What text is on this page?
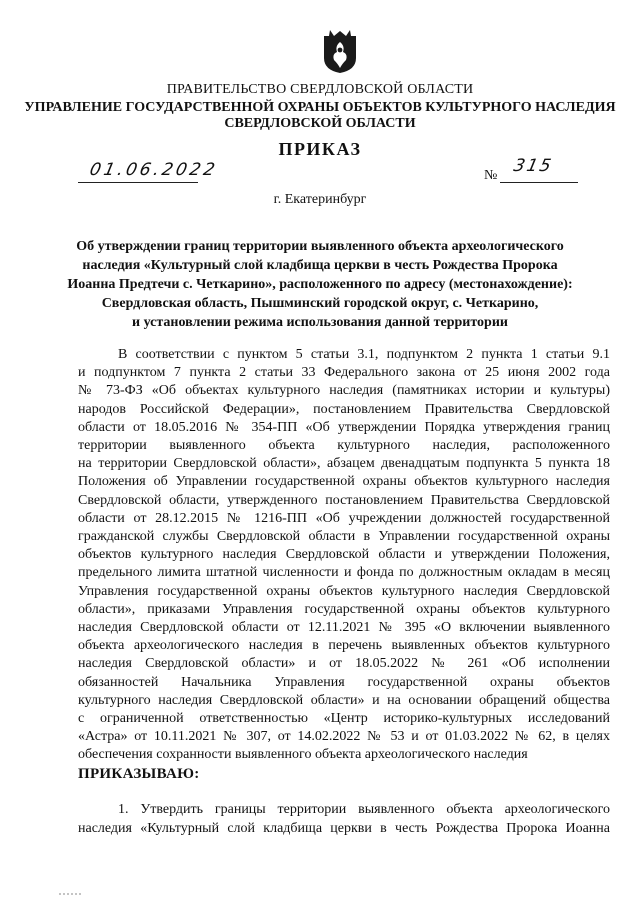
ПРАВИТЕЛЬСТВО СВЕРДЛОВСКОЙ ОБЛАСТИ
УПРАВЛЕНИЕ ГОСУДАРСТВЕННОЙ ОХРАНЫ ОБЪЕКТОВ КУЛЬТУРНОГО НАСЛЕДИЯ
СВЕРДЛОВСКОЙ ОБЛАСТИ
ПРИКАЗ
01.06.2022	№ 315
г. Екатеринбург
Об утверждении границ территории выявленного объекта археологического
наследия «Культурный слой кладбища церкви в честь Рождества Пророка
Иоанна Предтечи с. Четкарино», расположенного по адресу (местонахождение):
Свердловская область, Пышминский городской округ, с. Четкарино,
и установлении режима использования данной территории
В соответствии с пунктом 5 статьи 3.1, подпунктом 2 пункта 1 статьи 9.1
и подпунктом 7 пункта 2 статьи 33 Федерального закона от 25 июня 2002 года
№ 73-ФЗ «Об объектах культурного наследия (памятниках истории и культуры)
народов Российской Федерации», постановлением Правительства Свердловской
области от 18.05.2016 № 354-ПП «Об утверждении Порядка утверждения границ
территории выявленного объекта культурного наследия, расположенного
на территории Свердловской области», абзацем двенадцатым подпункта 5 пункта 18
Положения об Управлении государственной охраны объектов культурного наследия
Свердловской области, утвержденного постановлением Правительства Свердловской
области от 28.12.2015 № 1216-ПП «Об учреждении должностей государственной
гражданской службы Свердловской области в Управлении государственной охраны
объектов культурного наследия Свердловской области и утверждении Положения,
предельного лимита штатной численности и фонда по должностным окладам в месяц
Управления государственной охраны объектов культурного наследия Свердловской
области», приказами Управления государственной охраны объектов культурного
наследия Свердловской области от 12.11.2021 № 395 «О включении выявленного
объекта археологического наследия в перечень выявленных объектов культурного
наследия Свердловской области» и от 18.05.2022 № 261 «Об исполнении
обязанностей Начальника Управления государственной охраны объектов
культурного наследия Свердловской области» и на основании обращений общества
с ограниченной ответственностью «Центр историко-культурных исследований
«Астра» от 10.11.2021 № 307, от 14.02.2022 № 53 и от 01.03.2022 № 62, в целях
обеспечения сохранности выявленного объекта археологического наследия
ПРИКАЗЫВАЮ:
1. Утвердить границы территории выявленного объекта археологического
наследия «Культурный слой кладбища церкви в честь Рождества Пророка Иоанна
